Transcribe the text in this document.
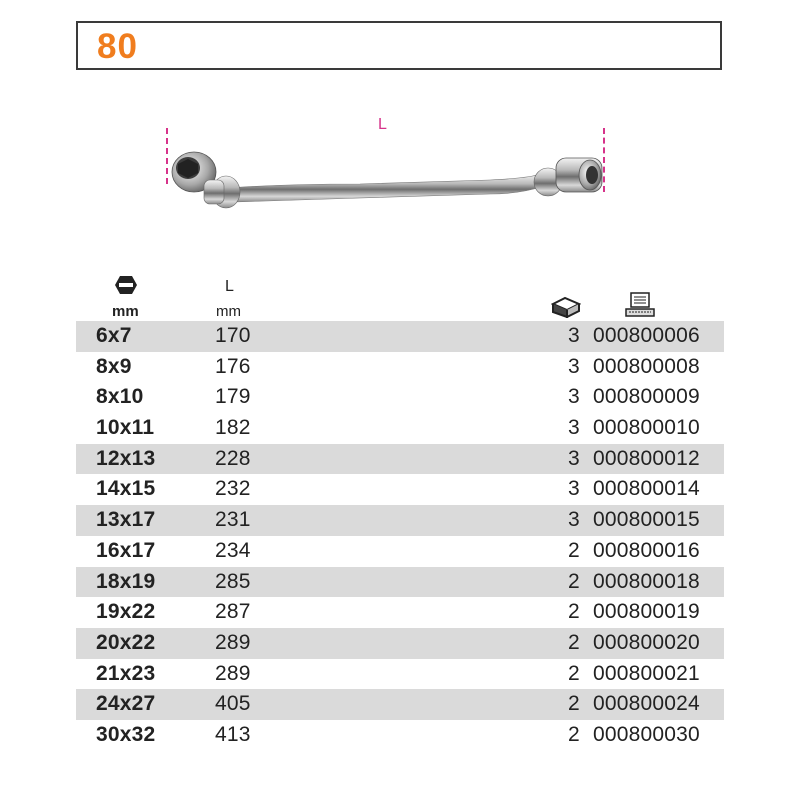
80
L
mm
L
mm
6x7	170	3 000800006
8x9	176	3 000800008
8x10	179	3 000800009
10x11	182	3 000800010
12x13	228	3 000800012
14x15	232	3 000800014
13x17	231	3 000800015
16x17	234	2 000800016
18x19	285	2 000800018
19x22	287	2 000800019
20x22	289	2 000800020
21x23	289	2 000800021
24x27	405	2 000800024
30x32	413	2 000800030
